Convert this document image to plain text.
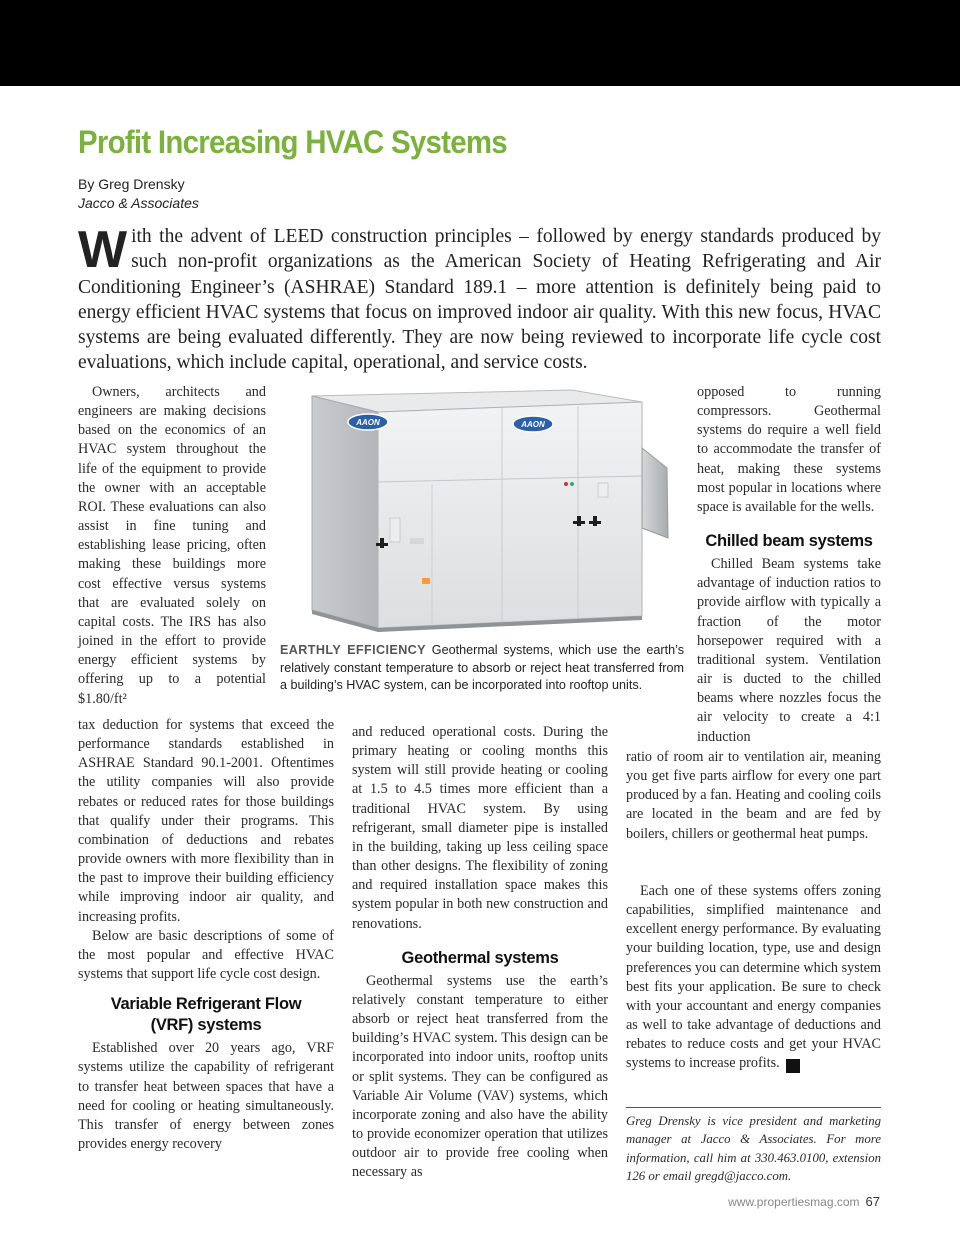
Profit Increasing HVAC Systems
By Greg Drensky
Jacco & Associates
With the advent of LEED construction principles – followed by energy standards produced by such non-profit organizations as the American Society of Heating Refrigerating and Air Conditioning Engineer’s (ASHRAE) Standard 189.1 – more attention is definitely being paid to energy efficient HVAC systems that focus on improved indoor air quality. With this new focus, HVAC systems are being evaluated differently. They are now being reviewed to incorporate life cycle cost evaluations, which include capital, operational, and service costs.

Owners, architects and engineers are making decisions based on the economics of an HVAC system throughout the life of the equipment to provide the owner with an acceptable ROI. These evaluations can also assist in fine tuning and establishing lease pricing, often making these buildings more cost effective versus systems that are evaluated solely on capital costs. The IRS has also joined in the effort to provide energy efficient systems by offering up to a potential $1.80/ft²

tax deduction for systems that exceed the performance standards established in ASHRAE Standard 90.1-2001. Oftentimes the utility companies will also provide rebates or reduced rates for those buildings that qualify under their programs. This combination of deductions and rebates provide owners with more flexibility than in the past to improve their building efficiency while improving indoor air quality, and increasing profits.

Below are basic descriptions of some of the most popular and effective HVAC systems that support life cycle cost design.

Variable Refrigerant Flow
(VRF) systems

Established over 20 years ago, VRF systems utilize the capability of refrigerant to transfer heat between spaces that have a need for cooling or heating simultaneously. This transfer of energy between zones provides energy recovery

and reduced operational costs. During the primary heating or cooling months this system will still provide heating or cooling at 1.5 to 4.5 times more efficient than a traditional HVAC system. By using refrigerant, small diameter pipe is installed in the building, taking up less ceiling space than other designs. The flexibility of zoning and required installation space makes this system popular in both new construction and renovations.

Geothermal systems

Geothermal systems use the earth’s relatively constant temperature to either absorb or reject heat transferred from the building’s HVAC system. This design can be incorporated into indoor units, rooftop units or split systems. They can be configured as Variable Air Volume (VAV) systems, which incorporate zoning and also have the ability to provide economizer operation that utilizes outdoor air to provide free cooling when necessary as

opposed to running compressors. Geothermal systems do require a well field to accommodate the transfer of heat, making these systems most popular in locations where space is available for the wells.

Chilled beam systems

Chilled Beam systems take advantage of induction ratios to provide airflow with typically a fraction of the motor horsepower required with a traditional system. Ventilation air is ducted to the chilled beams where nozzles focus the air velocity to create a 4:1 induction

ratio of room air to ventilation air, meaning you get five parts airflow for every one part produced by a fan. Heating and cooling coils are located in the beam and are fed by boilers, chillers or geothermal heat pumps.

Each one of these systems offers zoning capabilities, simplified maintenance and excellent energy performance. By evaluating your building location, type, use and design preferences you can determine which system best fits your application. Be sure to check with your accountant and energy companies as well to take advantage of deductions and rebates to reduce costs and get your HVAC systems to increase profits. P

AAON	AAON
EARTHLY EFFICIENCY Geothermal systems, which use the earth’s relatively constant temperature to absorb or reject heat transferred from a building’s HVAC system, can be incorporated into rooftop units.
Greg Drensky is vice president and marketing manager at Jacco & Associates. For more information, call him at 330.463.0100, extension 126 or email gregd@jacco.com.
www.propertiesmag.com 67
